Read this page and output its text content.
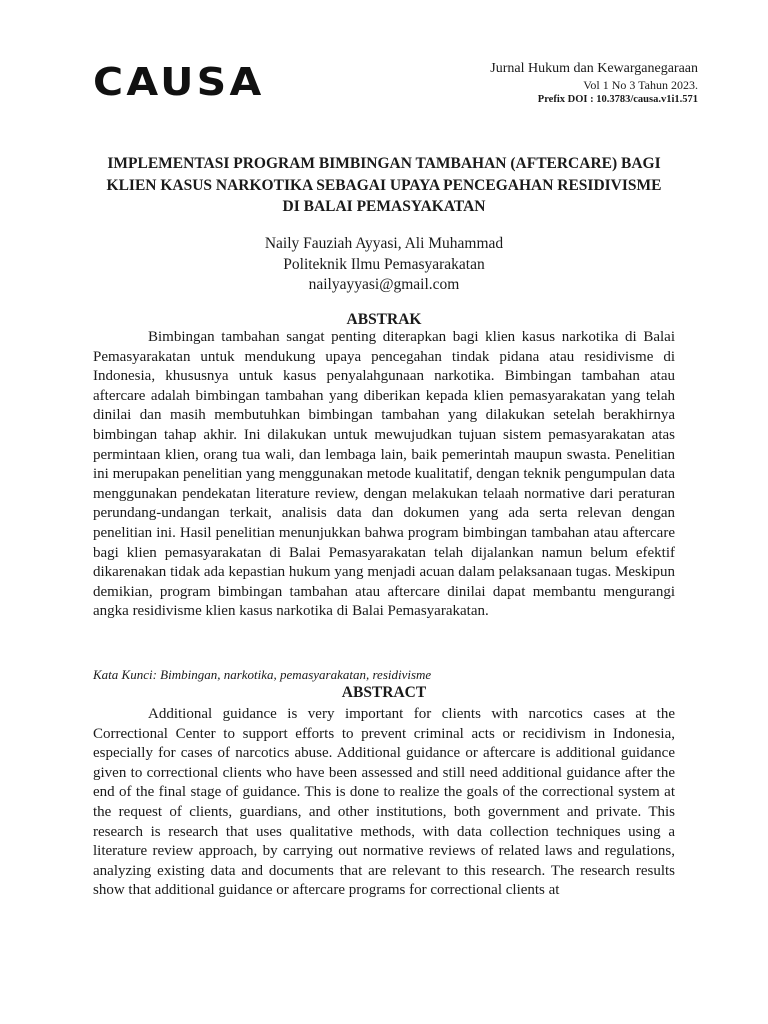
CAUSA	Jurnal Hukum dan Kewarganegaraan
Vol 1 No 3 Tahun 2023.
Prefix DOI : 10.3783/causa.v1i1.571
IMPLEMENTASI PROGRAM BIMBINGAN TAMBAHAN (AFTERCARE) BAGI
KLIEN KASUS NARKOTIKA SEBAGAI UPAYA PENCEGAHAN RESIDIVISME
DI BALAI PEMASYAKATAN
Naily Fauziah Ayyasi, Ali Muhammad
Politeknik Ilmu Pemasyarakatan
nailyayyasi@gmail.com
ABSTRAK
Bimbingan tambahan sangat penting diterapkan bagi klien kasus narkotika di Balai Pemasyarakatan untuk mendukung upaya pencegahan tindak pidana atau residivisme di Indonesia, khususnya untuk kasus penyalahgunaan narkotika. Bimbingan tambahan atau aftercare adalah bimbingan tambahan yang diberikan kepada klien pemasyarakatan yang telah dinilai dan masih membutuhkan bimbingan tambahan yang dilakukan setelah berakhirnya bimbingan tahap akhir. Ini dilakukan untuk mewujudkan tujuan sistem pemasyarakatan atas permintaan klien, orang tua wali, dan lembaga lain, baik pemerintah maupun swasta. Penelitian ini merupakan penelitian yang menggunakan metode kualitatif, dengan teknik pengumpulan data menggunakan pendekatan literature review, dengan melakukan telaah normative dari peraturan perundang-undangan terkait, analisis data dan dokumen yang ada serta relevan dengan penelitian ini. Hasil penelitian menunjukkan bahwa program bimbingan tambahan atau aftercare bagi klien pemasyarakatan di Balai Pemasyarakatan telah dijalankan namun belum efektif dikarenakan tidak ada kepastian hukum yang menjadi acuan dalam pelaksanaan tugas. Meskipun demikian, program bimbingan tambahan atau aftercare dinilai dapat membantu mengurangi angka residivisme klien kasus narkotika di Balai Pemasyarakatan.
Kata Kunci: Bimbingan, narkotika, pemasyarakatan, residivisme
ABSTRACT
Additional guidance is very important for clients with narcotics cases at the Correctional Center to support efforts to prevent criminal acts or recidivism in Indonesia, especially for cases of narcotics abuse. Additional guidance or aftercare is additional guidance given to correctional clients who have been assessed and still need additional guidance after the end of the final stage of guidance. This is done to realize the goals of the correctional system at the request of clients, guardians, and other institutions, both government and private. This research is research that uses qualitative methods, with data collection techniques using a literature review approach, by carrying out normative reviews of related laws and regulations, analyzing existing data and documents that are relevant to this research. The research results show that additional guidance or aftercare programs for correctional clients at
